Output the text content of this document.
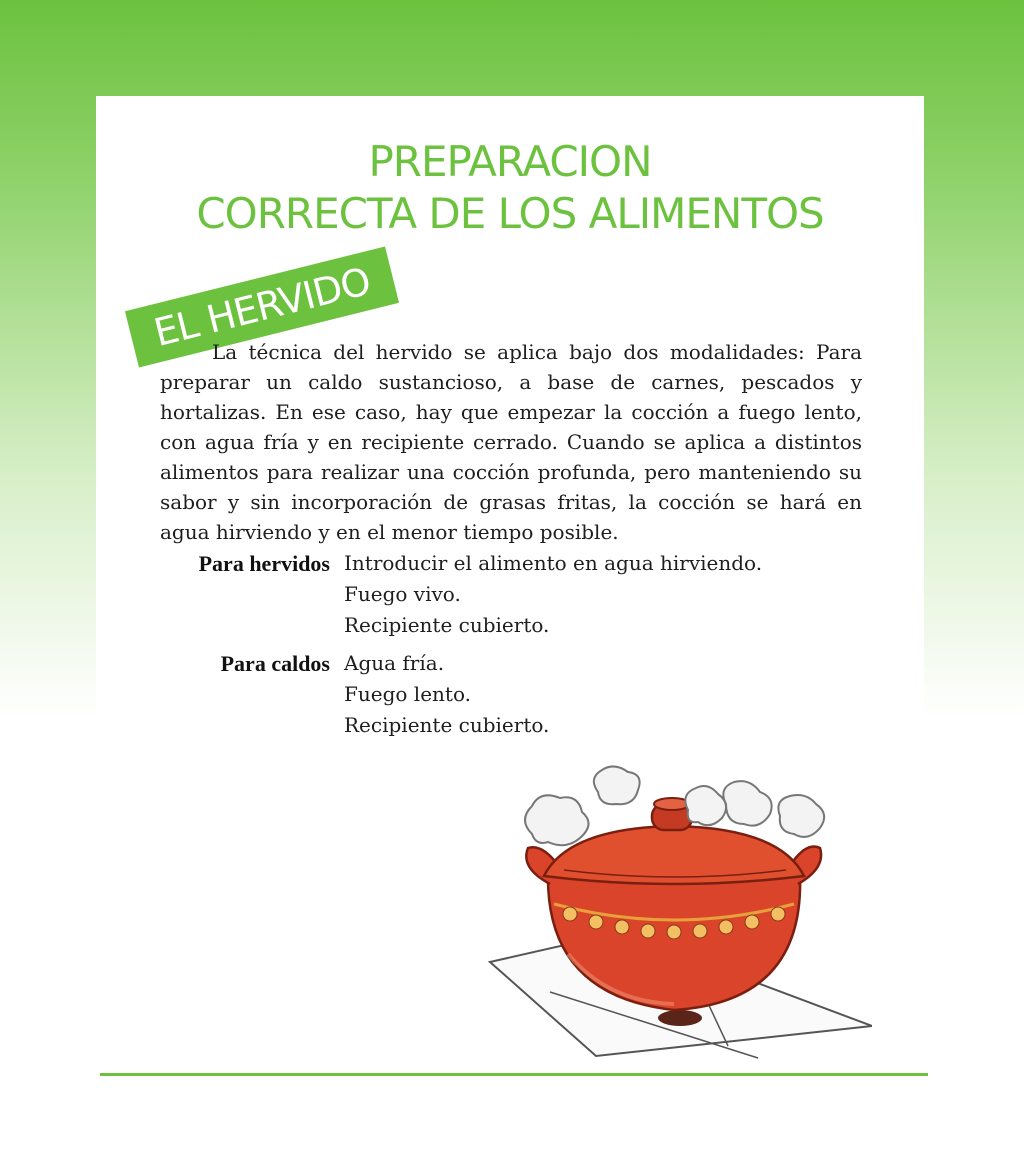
PREPARACION
CORRECTA DE LOS ALIMENTOS
EL HERVIDO

La técnica del hervido se aplica bajo dos modalidades: Para preparar un caldo sustancioso, a base de carnes, pescados y hortalizas. En ese caso, hay que empezar la cocción a fuego lento, con agua fría y en recipiente cerrado. Cuando se aplica a distintos alimentos para realizar una cocción profunda, pero manteniendo su sabor y sin incorporación de grasas fritas, la cocción se hará en agua hirviendo y en el menor tiempo posible.

Para hervidos Introducir el alimento en agua hirviendo.
Fuego vivo.
Recipiente cubierto.
Para caldos Agua fría.
Fuego lento.
Recipiente cubierto.
